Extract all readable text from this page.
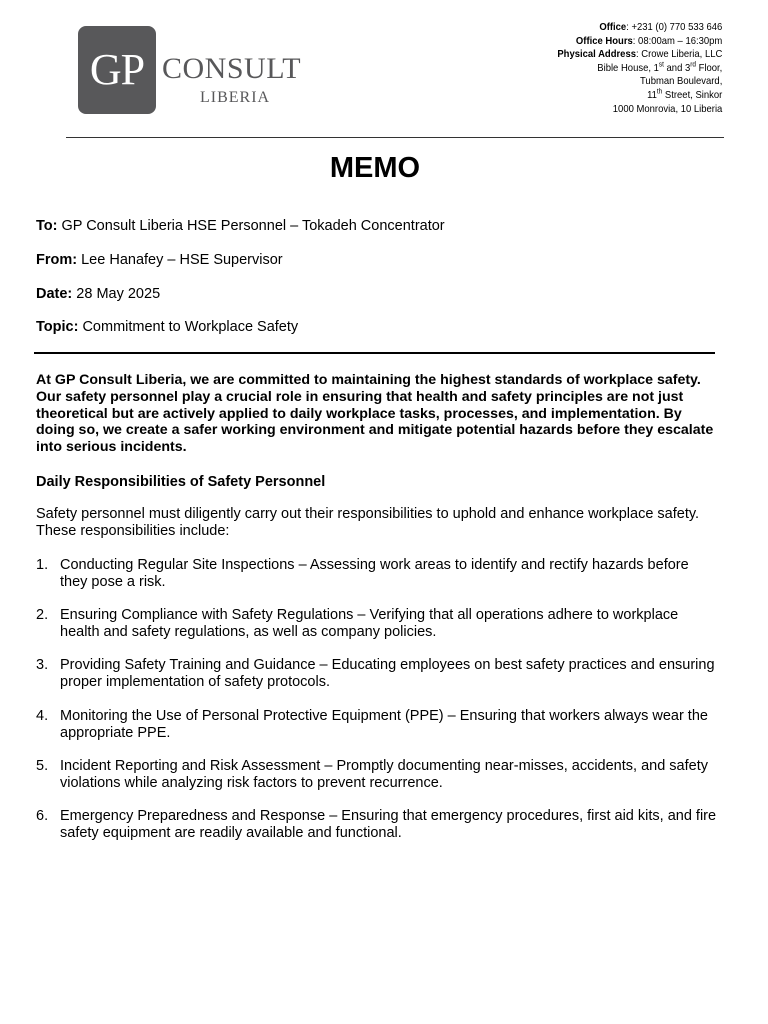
GP CONSULT
LIBERIA
Office: +231 (0) 770 533 646
Office Hours: 08:00am – 16:30pm
Physical Address: Crowe Liberia, LLC
Bible House, 1st and 3rd Floor,
Tubman Boulevard,
11th Street, Sinkor
1000 Monrovia, 10 Liberia
MEMO
To: GP Consult Liberia HSE Personnel – Tokadeh Concentrator
From: Lee Hanafey – HSE Supervisor
Date: 28 May 2025
Topic: Commitment to Workplace Safety
At GP Consult Liberia, we are committed to maintaining the highest standards of workplace safety. Our safety personnel play a crucial role in ensuring that health and safety principles are not just theoretical but are actively applied to daily workplace tasks, processes, and implementation. By doing so, we create a safer working environment and mitigate potential hazards before they escalate into serious incidents.
Daily Responsibilities of Safety Personnel
Safety personnel must diligently carry out their responsibilities to uphold and enhance workplace safety. These responsibilities include:
1. Conducting Regular Site Inspections – Assessing work areas to identify and rectify hazards before they pose a risk.
2. Ensuring Compliance with Safety Regulations – Verifying that all operations adhere to workplace health and safety regulations, as well as company policies.
3. Providing Safety Training and Guidance – Educating employees on best safety practices and ensuring proper implementation of safety protocols.
4. Monitoring the Use of Personal Protective Equipment (PPE) – Ensuring that workers always wear the appropriate PPE.
5. Incident Reporting and Risk Assessment – Promptly documenting near-misses, accidents, and safety violations while analyzing risk factors to prevent recurrence.
6. Emergency Preparedness and Response – Ensuring that emergency procedures, first aid kits, and fire safety equipment are readily available and functional.
